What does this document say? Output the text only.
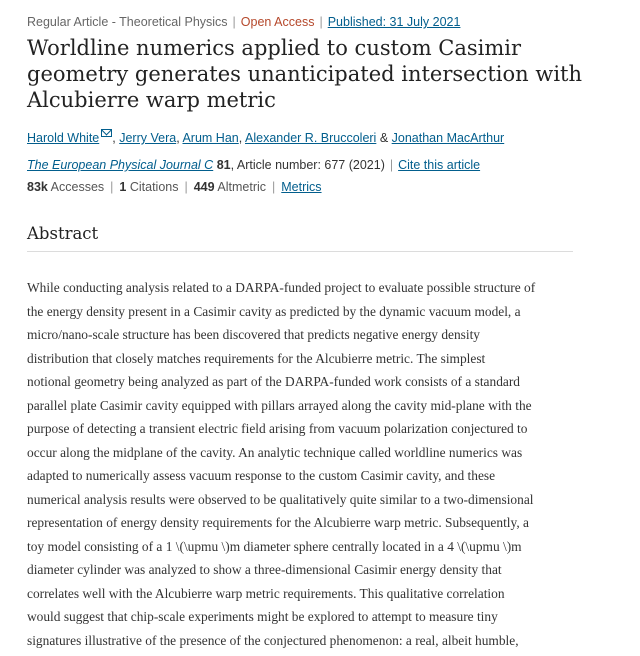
Regular Article - Theoretical Physics | Open Access | Published: 31 July 2021
Worldline numerics applied to custom Casimir geometry generates unanticipated intersection with Alcubierre warp metric
Harold White , Jerry Vera, Arum Han, Alexander R. Bruccoleri & Jonathan MacArthur
The European Physical Journal C 81, Article number: 677 (2021) | Cite this article
83k Accesses | 1 Citations | 449 Altmetric | Metrics
Abstract

While conducting analysis related to a DARPA-funded project to evaluate possible structure of
the energy density present in a Casimir cavity as predicted by the dynamic vacuum model, a
micro/nano-scale structure has been discovered that predicts negative energy density
distribution that closely matches requirements for the Alcubierre metric. The simplest
notional geometry being analyzed as part of the DARPA-funded work consists of a standard
parallel plate Casimir cavity equipped with pillars arrayed along the cavity mid-plane with the
purpose of detecting a transient electric field arising from vacuum polarization conjectured to
occur along the midplane of the cavity. An analytic technique called worldline numerics was
adapted to numerically assess vacuum response to the custom Casimir cavity, and these
numerical analysis results were observed to be qualitatively quite similar to a two-dimensional
representation of energy density requirements for the Alcubierre warp metric. Subsequently, a
toy model consisting of a 1 \(\upmu \)m diameter sphere centrally located in a 4 \(\upmu \)m
diameter cylinder was analyzed to show a three-dimensional Casimir energy density that
correlates well with the Alcubierre warp metric requirements. This qualitative correlation
would suggest that chip-scale experiments might be explored to attempt to measure tiny
signatures illustrative of the presence of the conjectured phenomenon: a real, albeit humble,
